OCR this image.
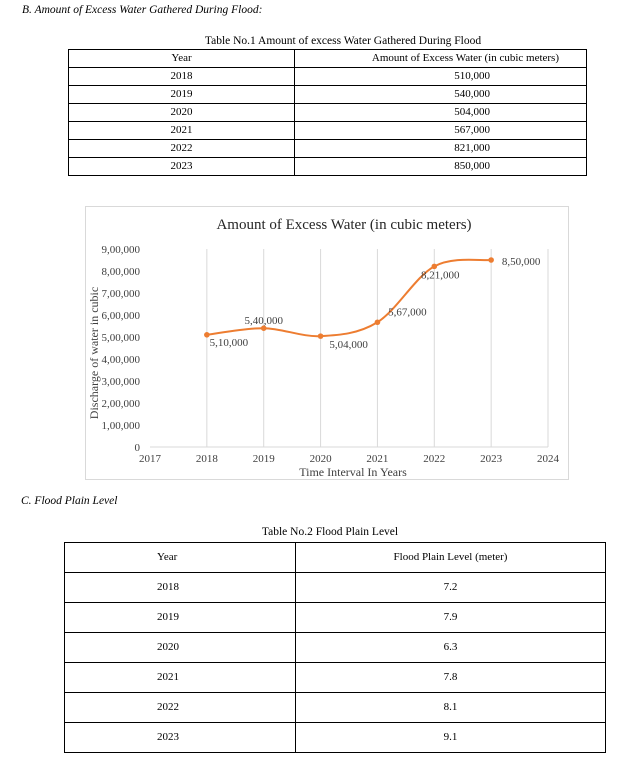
B. Amount of Excess Water Gathered During Flood:
Table No.1 Amount of excess Water Gathered During Flood
Year	Amount of Excess Water (in cubic meters)
2018	510,000
2019	540,000
2020	504,000
2021	567,000
2022	821,000
2023	850,000
Amount of Excess Water (in cubic meters)
2017	2018	2019	2020	2021	2022	2023	2024
0
1,00,000
2,00,000
3,00,000
4,00,000
5,00,000
6,00,000
7,00,000
8,00,000
9,00,000
5,10,000
5,40,000
5,04,000
5,67,000
8,21,000
8,50,000
Time Interval In Years
Discharge of water in cubic
C. Flood Plain Level
Table No.2 Flood Plain Level
Year	Flood Plain Level (meter)
2018	7.2
2019	7.9
2020	6.3
2021	7.8
2022	8.1
2023	9.1
